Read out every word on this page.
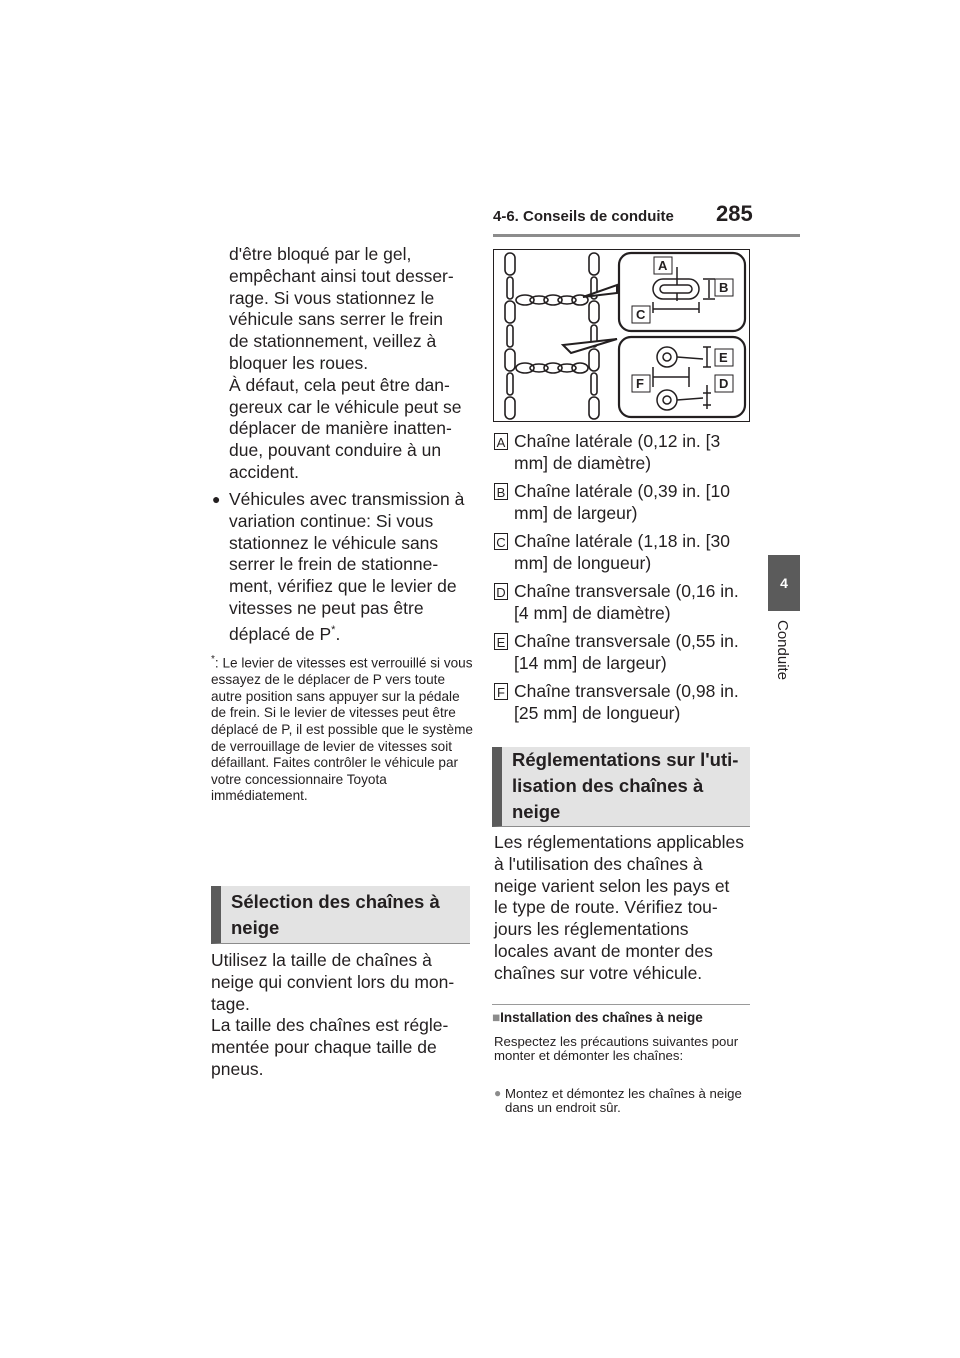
4-6. Conseils de conduite 285
4
Conduite

d'être bloqué par le gel,

empêchant ainsi tout desser-

rage. Si vous stationnez le

véhicule sans serrer le frein

de stationnement, veillez à

bloquer les roues.

À défaut, cela peut être dan-

gereux car le véhicule peut se

déplacer de manière inatten-

due, pouvant conduire à un

accident.

● Véhicules avec transmission à variation continue: Si vous stationnez le véhicule sans serrer le frein de stationnement, vérifiez que le levier de vitesses ne peut pas être déplacé de P*.
*: Le levier de vitesses est verrouillé si vous essayez de le déplacer de P vers toute autre position sans appuyer sur la pédale de frein. Si le levier de vitesses peut être déplacé de P, il est possible que le système de verrouillage de levier de vitesses soit défaillant. Faites contrôler le véhicule par votre concessionnaire Toyota immédiatement.
Sélection des chaînes à neige

Utilisez la taille de chaînes à

neige qui convient lors du mon-

tage.

La taille des chaînes est régle-

mentée pour chaque taille de

pneus.

A
B
C
E
F	D
A Chaîne latérale (0,12 in. [3 mm] de diamètre)
B Chaîne latérale (0,39 in. [10 mm] de largeur)
C Chaîne latérale (1,18 in. [30 mm] de longueur)
D Chaîne transversale (0,16 in. [4 mm] de diamètre)
E Chaîne transversale (0,55 in. [14 mm] de largeur)
F Chaîne transversale (0,98 in. [25 mm] de longueur)
Réglementations sur l'utilisation des chaînes à neige
Les réglementations applicables
à l'utilisation des chaînes à
neige varient selon les pays et
le type de route. Vérifiez tou-
jours les réglementations
locales avant de monter des
chaînes sur votre véhicule.
■Installation des chaînes à neige
Respectez les précautions suivantes pour monter et démonter les chaînes:
● Montez et démontez les chaînes à neige dans un endroit sûr.
